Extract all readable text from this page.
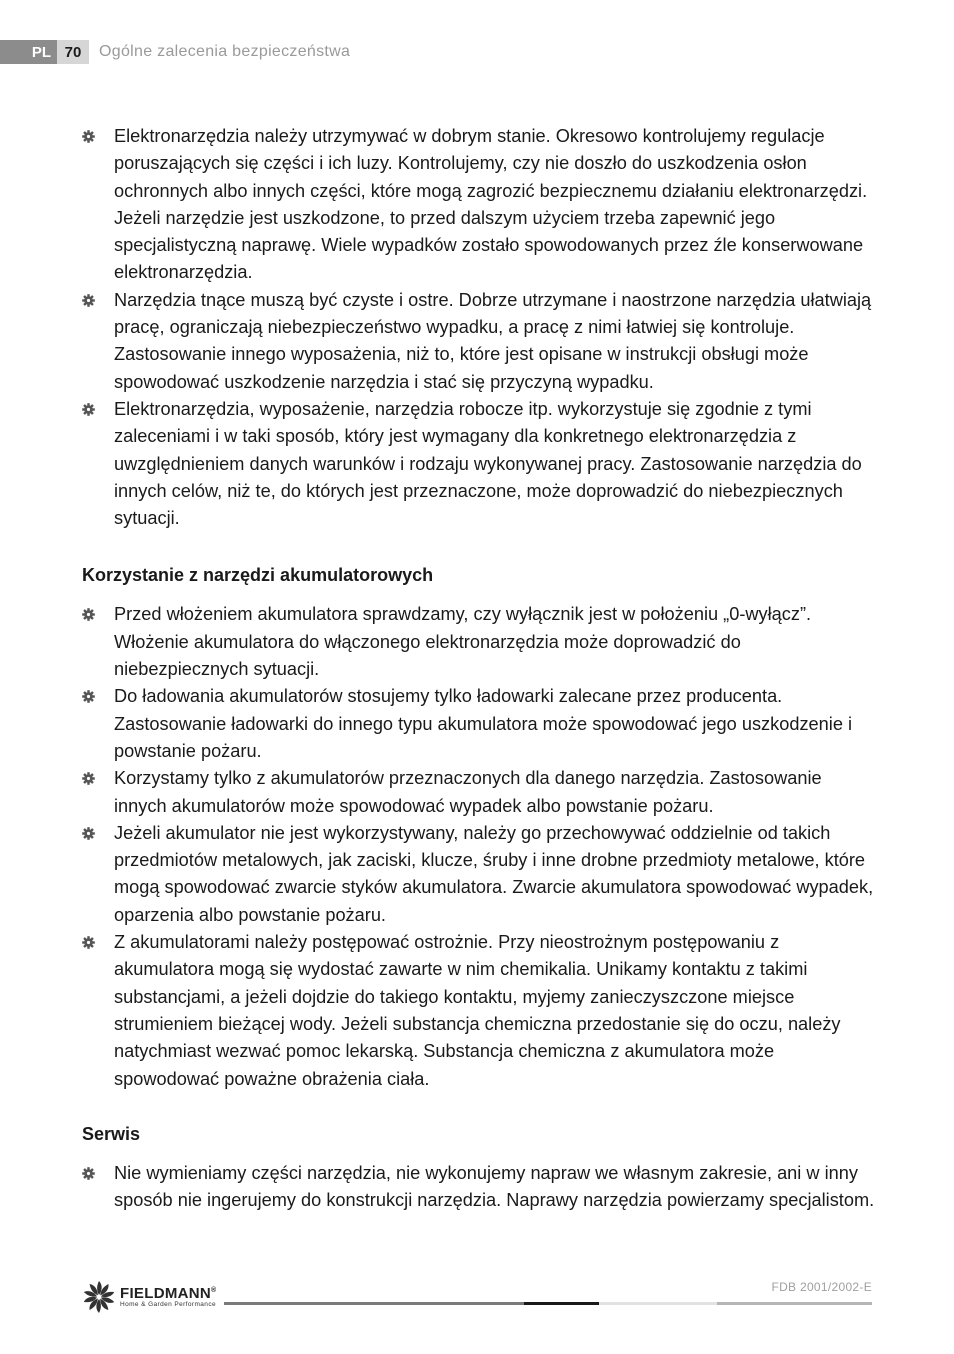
PL 70	Ogólne zalecenia bezpieczeństwa
Elektronarzędzia należy utrzymywać w dobrym stanie. Okresowo kontrolujemy regulacje poruszających się części i ich luzy. Kontrolujemy, czy nie doszło do uszkodzenia osłon ochronnych albo innych części, które mogą zagrozić bezpiecznemu działaniu elektronarzędzi. Jeżeli narzędzie jest uszkodzone, to przed dalszym użyciem trzeba zapewnić jego specjalistyczną naprawę. Wiele wypadków zostało spowodowanych przez źle konserwowane elektronarzędzia.
Narzędzia tnące muszą być czyste i ostre. Dobrze utrzymane i naostrzone narzędzia ułatwiają pracę, ograniczają niebezpieczeństwo wypadku, a pracę z nimi łatwiej się kontroluje. Zastosowanie innego wyposażenia, niż to, które jest opisane w instrukcji obsługi może spowodować uszkodzenie narzędzia i stać się przyczyną wypadku.
Elektronarzędzia, wyposażenie, narzędzia robocze itp. wykorzystuje się zgodnie z tymi zaleceniami i w taki sposób, który jest wymagany dla konkretnego elektronarzędzia z uwzględnieniem danych warunków i rodzaju wykonywanej pracy. Zastosowanie narzędzia do innych celów, niż te, do których jest przeznaczone, może doprowadzić do niebezpiecznych sytuacji.
Korzystanie z narzędzi akumulatorowych
Przed włożeniem akumulatora sprawdzamy, czy wyłącznik jest w położeniu „0-wyłącz”. Włożenie akumulatora do włączonego elektronarzędzia może doprowadzić do niebezpiecznych sytuacji.
Do ładowania akumulatorów stosujemy tylko ładowarki zalecane przez producenta. Zastosowanie ładowarki do innego typu akumulatora może spowodować jego uszkodzenie i powstanie pożaru.
Korzystamy tylko z akumulatorów przeznaczonych dla danego narzędzia. Zastosowanie innych akumulatorów może spowodować wypadek albo powstanie pożaru.
Jeżeli akumulator nie jest wykorzystywany, należy go przechowywać oddzielnie od takich przedmiotów metalowych, jak zaciski, klucze, śruby i inne drobne przedmioty metalowe, które mogą spowodować zwarcie styków akumulatora. Zwarcie akumulatora spowodować wypadek, oparzenia albo powstanie pożaru.
Z akumulatorami należy postępować ostrożnie. Przy nieostrożnym postępowaniu z akumulatora mogą się wydostać zawarte w nim chemikalia. Unikamy kontaktu z takimi substancjami, a jeżeli dojdzie do takiego kontaktu, myjemy zanieczyszczone miejsce strumieniem bieżącej wody. Jeżeli substancja chemiczna przedostanie się do oczu, należy natychmiast wezwać pomoc lekarską. Substancja chemiczna z akumulatora może spowodować poważne obrażenia ciała.
Serwis
Nie wymieniamy części narzędzia, nie wykonujemy napraw we własnym zakresie, ani w inny sposób nie ingerujemy do konstrukcji narzędzia. Naprawy narzędzia powierzamy specjalistom.
FIELDMANN®
Home & Garden Performance
FDB 2001/2002-E
